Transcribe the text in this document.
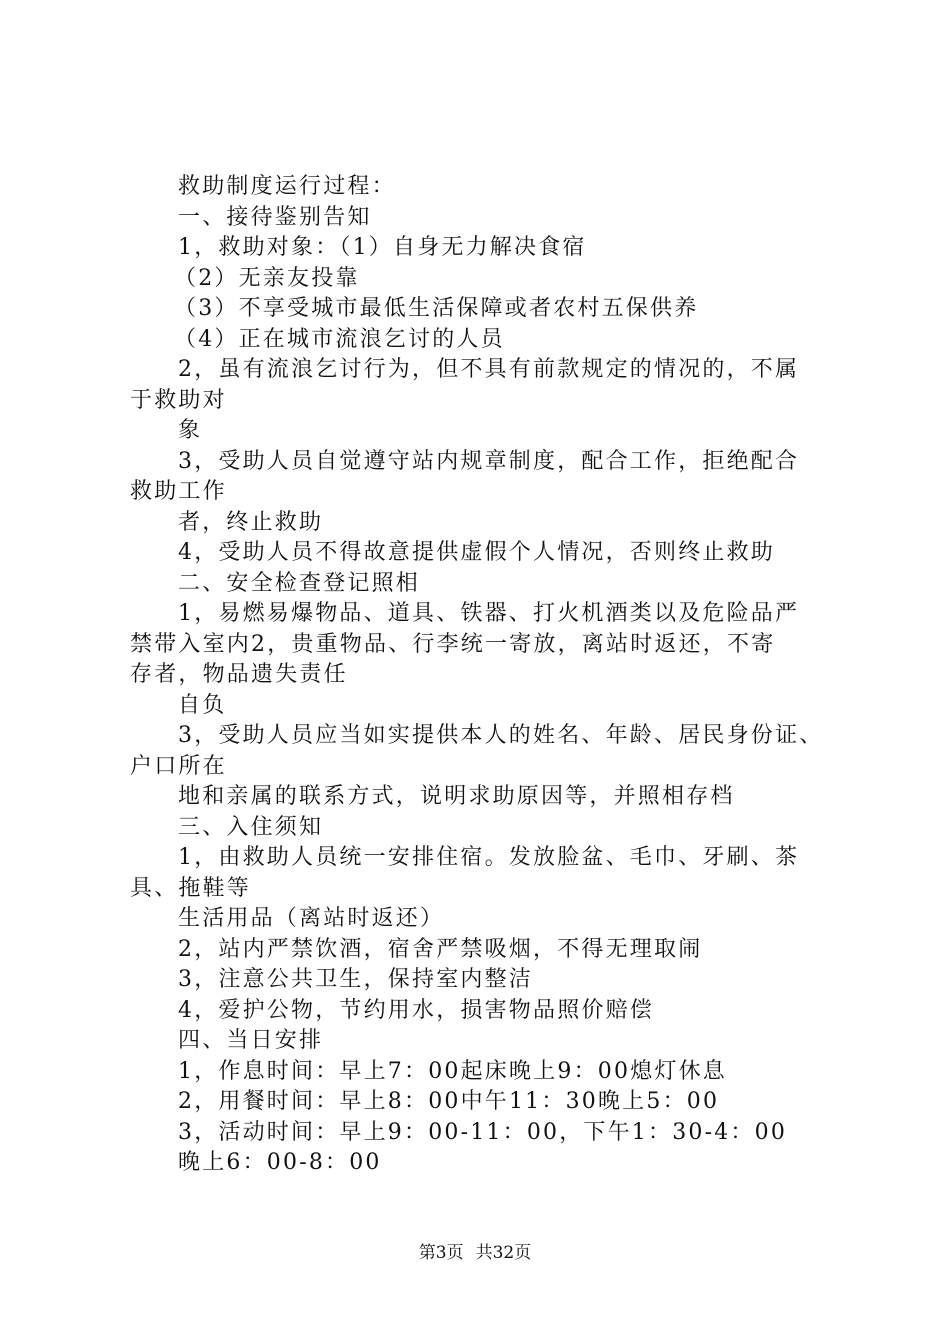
救助制度运行过程：
一、接待鉴别告知
1，救助对象：（1）自身无力解决食宿
（2）无亲友投靠
（3）不享受城市最低生活保障或者农村五保供养
（4）正在城市流浪乞讨的人员
2，虽有流浪乞讨行为，但不具有前款规定的情况的，不属
于救助对
象
3，受助人员自觉遵守站内规章制度，配合工作，拒绝配合
救助工作
者，终止救助
4，受助人员不得故意提供虚假个人情况，否则终止救助
二、安全检查登记照相
1，易燃易爆物品、道具、铁器、打火机酒类以及危险品严
禁带入室内2，贵重物品、行李统一寄放，离站时返还，不寄
存者，物品遗失责任
自负
3，受助人员应当如实提供本人的姓名、年龄、居民身份证、
户口所在
地和亲属的联系方式，说明求助原因等，并照相存档
三、入住须知
1，由救助人员统一安排住宿。发放脸盆、毛巾、牙刷、茶
具、拖鞋等
生活用品（离站时返还）
2，站内严禁饮酒，宿舍严禁吸烟，不得无理取闹
3，注意公共卫生，保持室内整洁
4，爱护公物，节约用水，损害物品照价赔偿
四、当日安排
1，作息时间：早上7：00起床晚上9：00熄灯休息
2，用餐时间：早上8：00中午11：30晚上5：00
3，活动时间：早上9：00-11：00，下午1：30-4：00
晚上6：00-8：00
第3页 共32页
